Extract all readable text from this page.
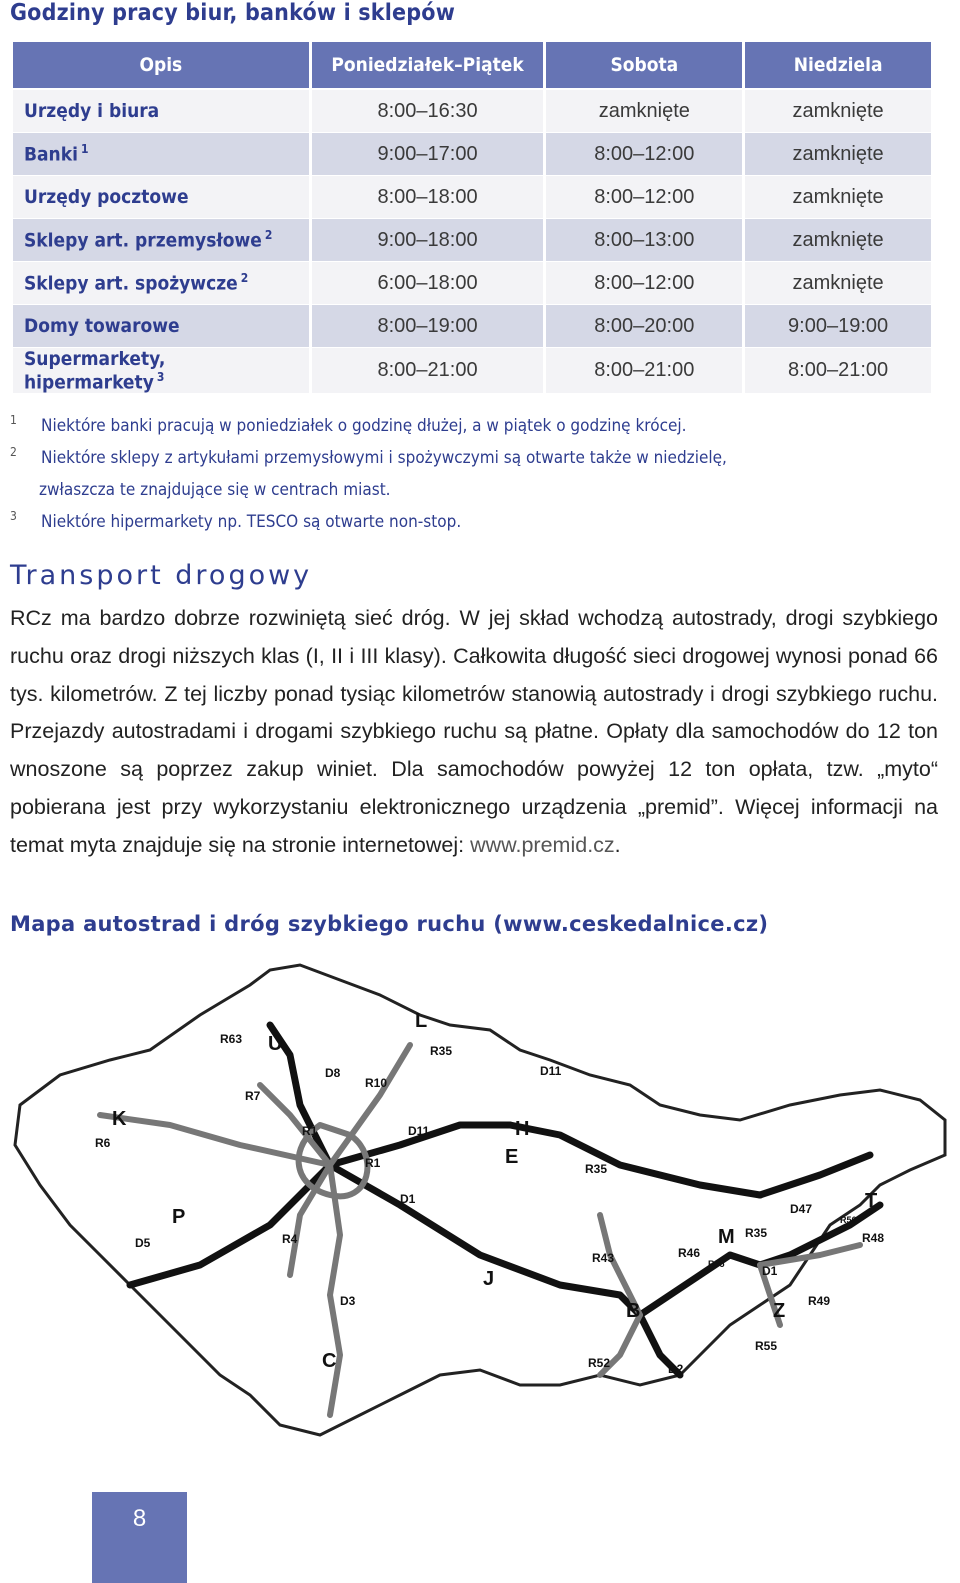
Godziny pracy biur, banków i sklepów
Opis	Poniedziałek–Piątek	Sobota	Niedziela
Urzędy i biura	8:00–16:30	zamknięte	zamknięte
Banki $^1$	9:00–17:00	8:00–12:00	zamknięte
Urzędy pocztowe	8:00–18:00	8:00–12:00	zamknięte
Sklepy art. przemysłowe $^2$	9:00–18:00	8:00–13:00	zamknięte
Sklepy art. spożywcze $^2$	6:00–18:00	8:00–12:00	zamknięte
Domy towarowe	8:00–19:00	8:00–20:00	9:00–19:00
Supermarkety, hipermarkety $^3$	8:00–21:00	8:00–21:00	8:00–21:00
1 Niektóre banki pracują w poniedziałek o godzinę dłużej, a w piątek o godzinę krócej.
2 Niektóre sklepy z artykułami przemysłowymi i spożywczymi są otwarte także w niedzielę,
zwłaszcza te znajdujące się w centrach miast.
3 Niektóre hipermarkety np. TESCO są otwarte non-stop.
Transport drogowy
RCz ma bardzo dobrze rozwiniętą sieć dróg. W jej skład wchodzą autostrady, drogi szybkiego ruchu oraz drogi niższych klas (I, II i III klasy). Całkowita długość sieci drogowej wynosi ponad 66 tys. kilometrów. Z tej liczby ponad tysiąc kilometrów stanowią autostrady i drogi szybkiego ruchu. Przejazdy autostradami i drogami szybkiego ruchu są płatne. Opłaty dla samochodów do 12 ton wnoszone są poprzez zakup winiet. Dla samochodów powyżej 12 ton opłata, tzw. „myto“ pobierana jest przy wykorzystaniu elektronicznego urządzenia „premid”. Więcej informacji na temat myta znajduje się na stronie internetowej: www.premid.cz.
Mapa autostrad i dróg szybkiego ruchu (www.ceskedalnice.cz)
R63 U
L
R35
D8
R10
D11
R7
K
R6
R1	D11	H
E
R1	R35
D1
P
D5	R4
D47	T
R56
R48
M R35
R46
R43	R55	D1
J
D3	B	R49
Z
R55
C	R52	D2
8
